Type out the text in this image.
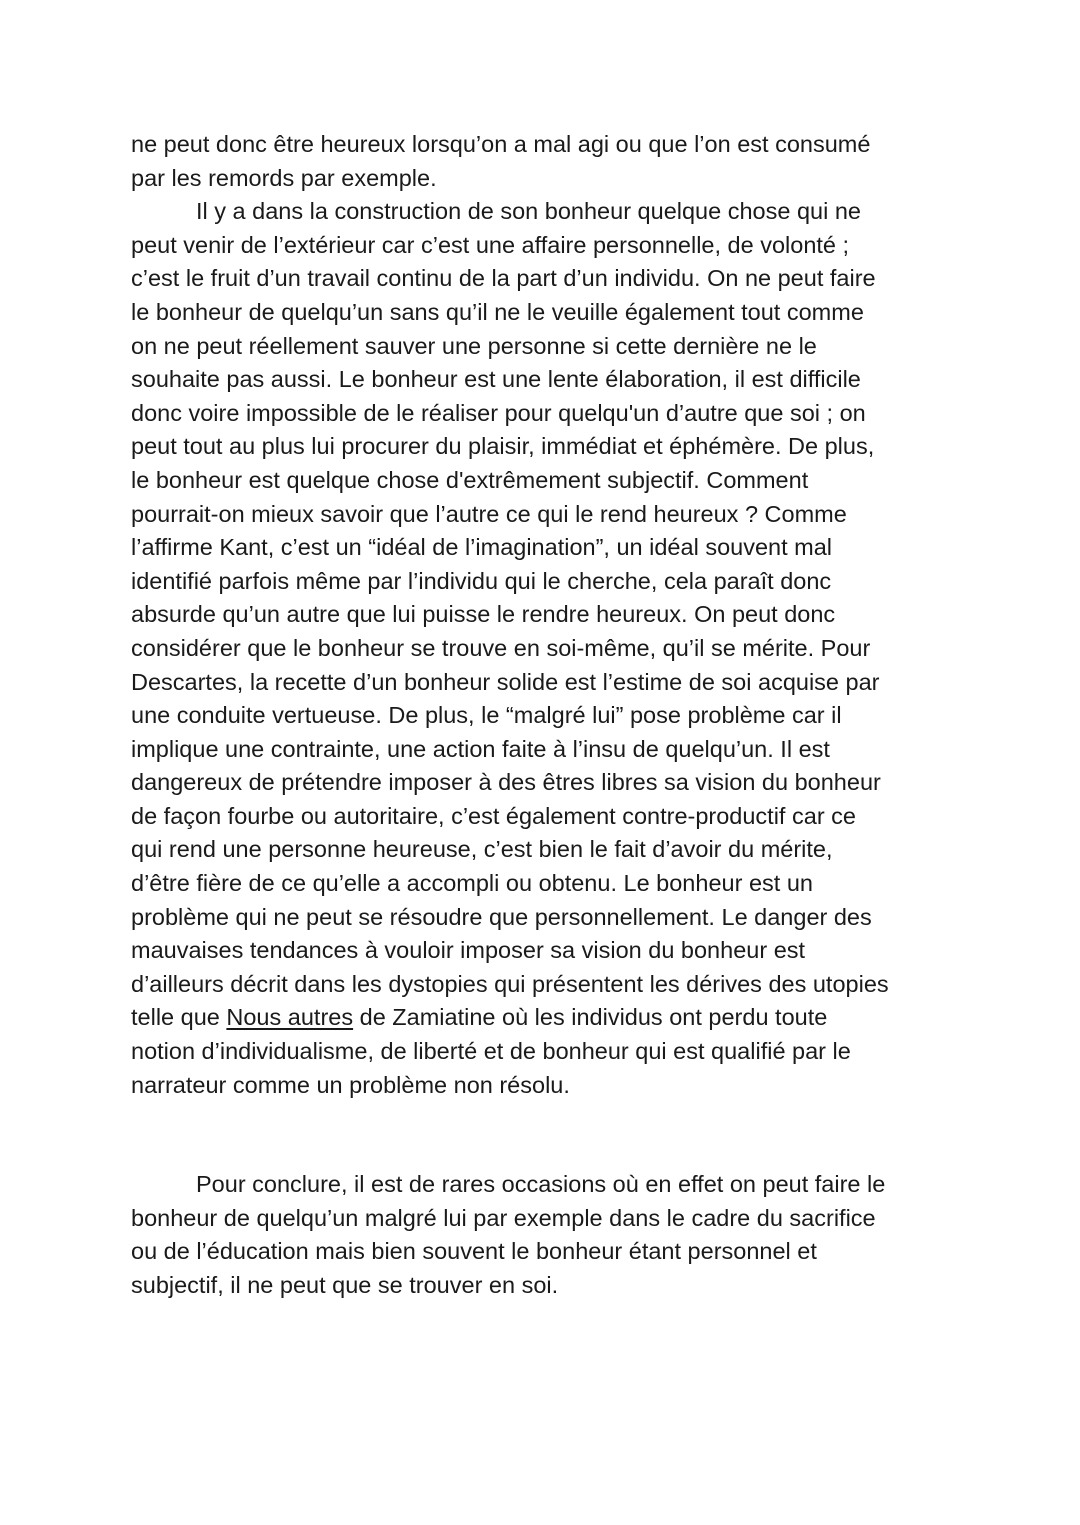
ne peut donc être heureux lorsqu’on a mal agi ou que l’on est consumé
par les remords par exemple.
Il y a dans la construction de son bonheur quelque chose qui ne
peut venir de l’extérieur car c’est une affaire personnelle, de volonté ;
c’est le fruit d’un travail continu de la part d’un individu. On ne peut faire
le bonheur de quelqu’un sans qu’il ne le veuille également tout comme
on ne peut réellement sauver une personne si cette dernière ne le
souhaite pas aussi. Le bonheur est une lente élaboration, il est difficile
donc voire impossible de le réaliser pour quelqu'un d’autre que soi ; on
peut tout au plus lui procurer du plaisir, immédiat et éphémère. De plus,
le bonheur est quelque chose d'extrêmement subjectif. Comment
pourrait-on mieux savoir que l’autre ce qui le rend heureux ? Comme
l’affirme Kant, c’est un “idéal de l’imagination”, un idéal souvent mal
identifié parfois même par l’individu qui le cherche, cela paraît donc
absurde qu’un autre que lui puisse le rendre heureux. On peut donc
considérer que le bonheur se trouve en soi-même, qu’il se mérite. Pour
Descartes, la recette d’un bonheur solide est l’estime de soi acquise par
une conduite vertueuse. De plus, le “malgré lui” pose problème car il
implique une contrainte, une action faite à l’insu de quelqu’un. Il est
dangereux de prétendre imposer à des êtres libres sa vision du bonheur
de façon fourbe ou autoritaire, c’est également contre-productif car ce
qui rend une personne heureuse, c’est bien le fait d’avoir du mérite,
d’être fière de ce qu’elle a accompli ou obtenu. Le bonheur est un
problème qui ne peut se résoudre que personnellement. Le danger des
mauvaises tendances à vouloir imposer sa vision du bonheur est
d’ailleurs décrit dans les dystopies qui présentent les dérives des utopies
telle que Nous autres de Zamiatine où les individus ont perdu toute
notion d’individualisme, de liberté et de bonheur qui est qualifié par le
narrateur comme un problème non résolu.
Pour conclure, il est de rares occasions où en effet on peut faire le
bonheur de quelqu’un malgré lui par exemple dans le cadre du sacrifice
ou de l’éducation mais bien souvent le bonheur étant personnel et
subjectif, il ne peut que se trouver en soi.
